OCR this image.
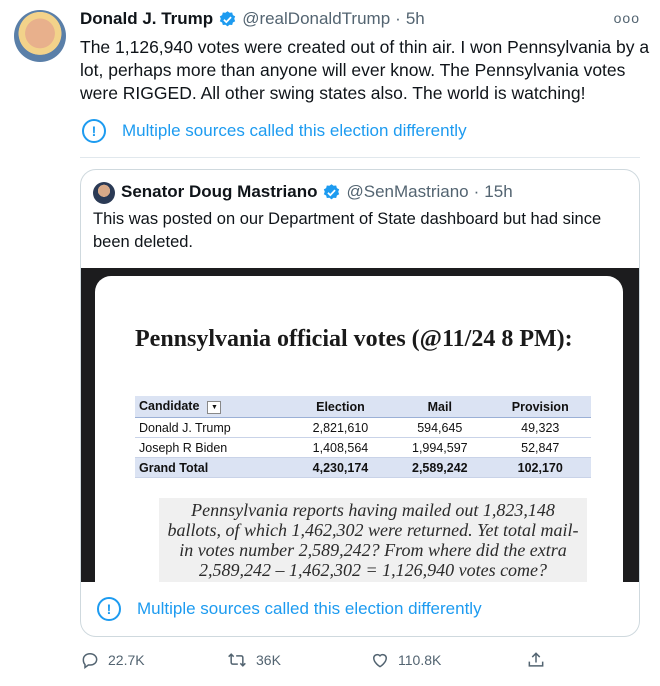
Donald J. Trump @realDonaldTrump · 5h	ooo
The 1,126,940 votes were created out of thin air. I won Pennsylvania by a lot, perhaps more than anyone will ever know. The Pennsylvania votes were RIGGED. All other swing states also. The world is watching!
!	Multiple sources called this election differently
Senator Doug Mastriano @SenMastriano · 15h
This was posted on our Department of State dashboard but had since been deleted.
Pennsylvania official votes (@11/24 8 PM):
Candidate ▼	Election	Mail	Provision
Donald J. Trump	2,821,610	594,645	49,323
Joseph R Biden	1,408,564	1,994,597	52,847
Grand Total	4,230,174	2,589,242	102,170
Pennsylvania reports having mailed out 1,823,148 ballots, of which 1,462,302 were returned. Yet total mail-in votes number 2,589,242? From where did the extra 2,589,242 – 1,462,302 = 1,126,940 votes come?
!	Multiple sources called this election differently
22.7K	36K	110.8K
